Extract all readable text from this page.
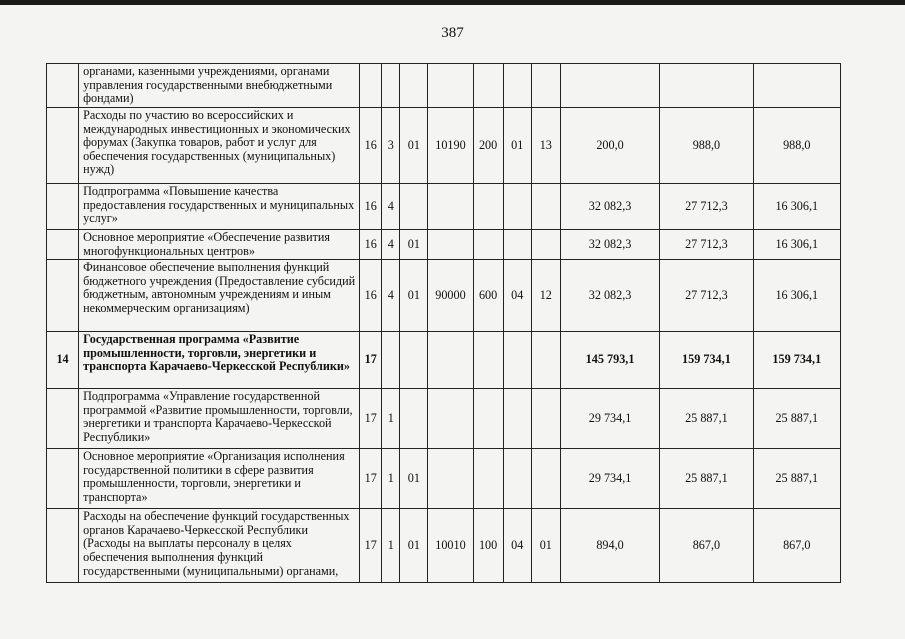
387
	органами, казенными учреждениями, органами управления государственными внебюджетными фондами)										
	Расходы по участию во всероссийских и международных инвестиционных и экономических форумах (Закупка товаров, работ и услуг для обеспечения государственных (муниципальных) нужд)	16	3	01	10190	200	01	13	200,0	988,0	988,0
	Подпрограмма «Повышение качества предоставления государственных и муниципальных услуг»	16	4						32 082,3	27 712,3	16 306,1
	Основное мероприятие «Обеспечение развития многофункциональных центров»	16	4	01					32 082,3	27 712,3	16 306,1
	Финансовое обеспечение выполнения функций бюджетного учреждения (Предоставление субсидий бюджетным, автономным учреждениям и иным некоммерческим организациям)	16	4	01	90000	600	04	12	32 082,3	27 712,3	16 306,1
14	Государственная программа «Развитие промышленности, торговли, энергетики и транспорта Карачаево-Черкесской Республики»	17							145 793,1	159 734,1	159 734,1
	Подпрограмма «Управление государственной программой «Развитие промышленности, торговли, энергетики и транспорта Карачаево-Черкесской Республики»	17	1						29 734,1	25 887,1	25 887,1
	Основное мероприятие «Организация исполнения государственной политики в сфере развития промышленности, торговли, энергетики и транспорта»	17	1	01					29 734,1	25 887,1	25 887,1
	Расходы на обеспечение функций государственных органов Карачаево-Черкесской Республики (Расходы на выплаты персоналу в целях обеспечения выполнения функций государственными (муниципальными) органами,	17	1	01	10010	100	04	01	894,0	867,0	867,0
